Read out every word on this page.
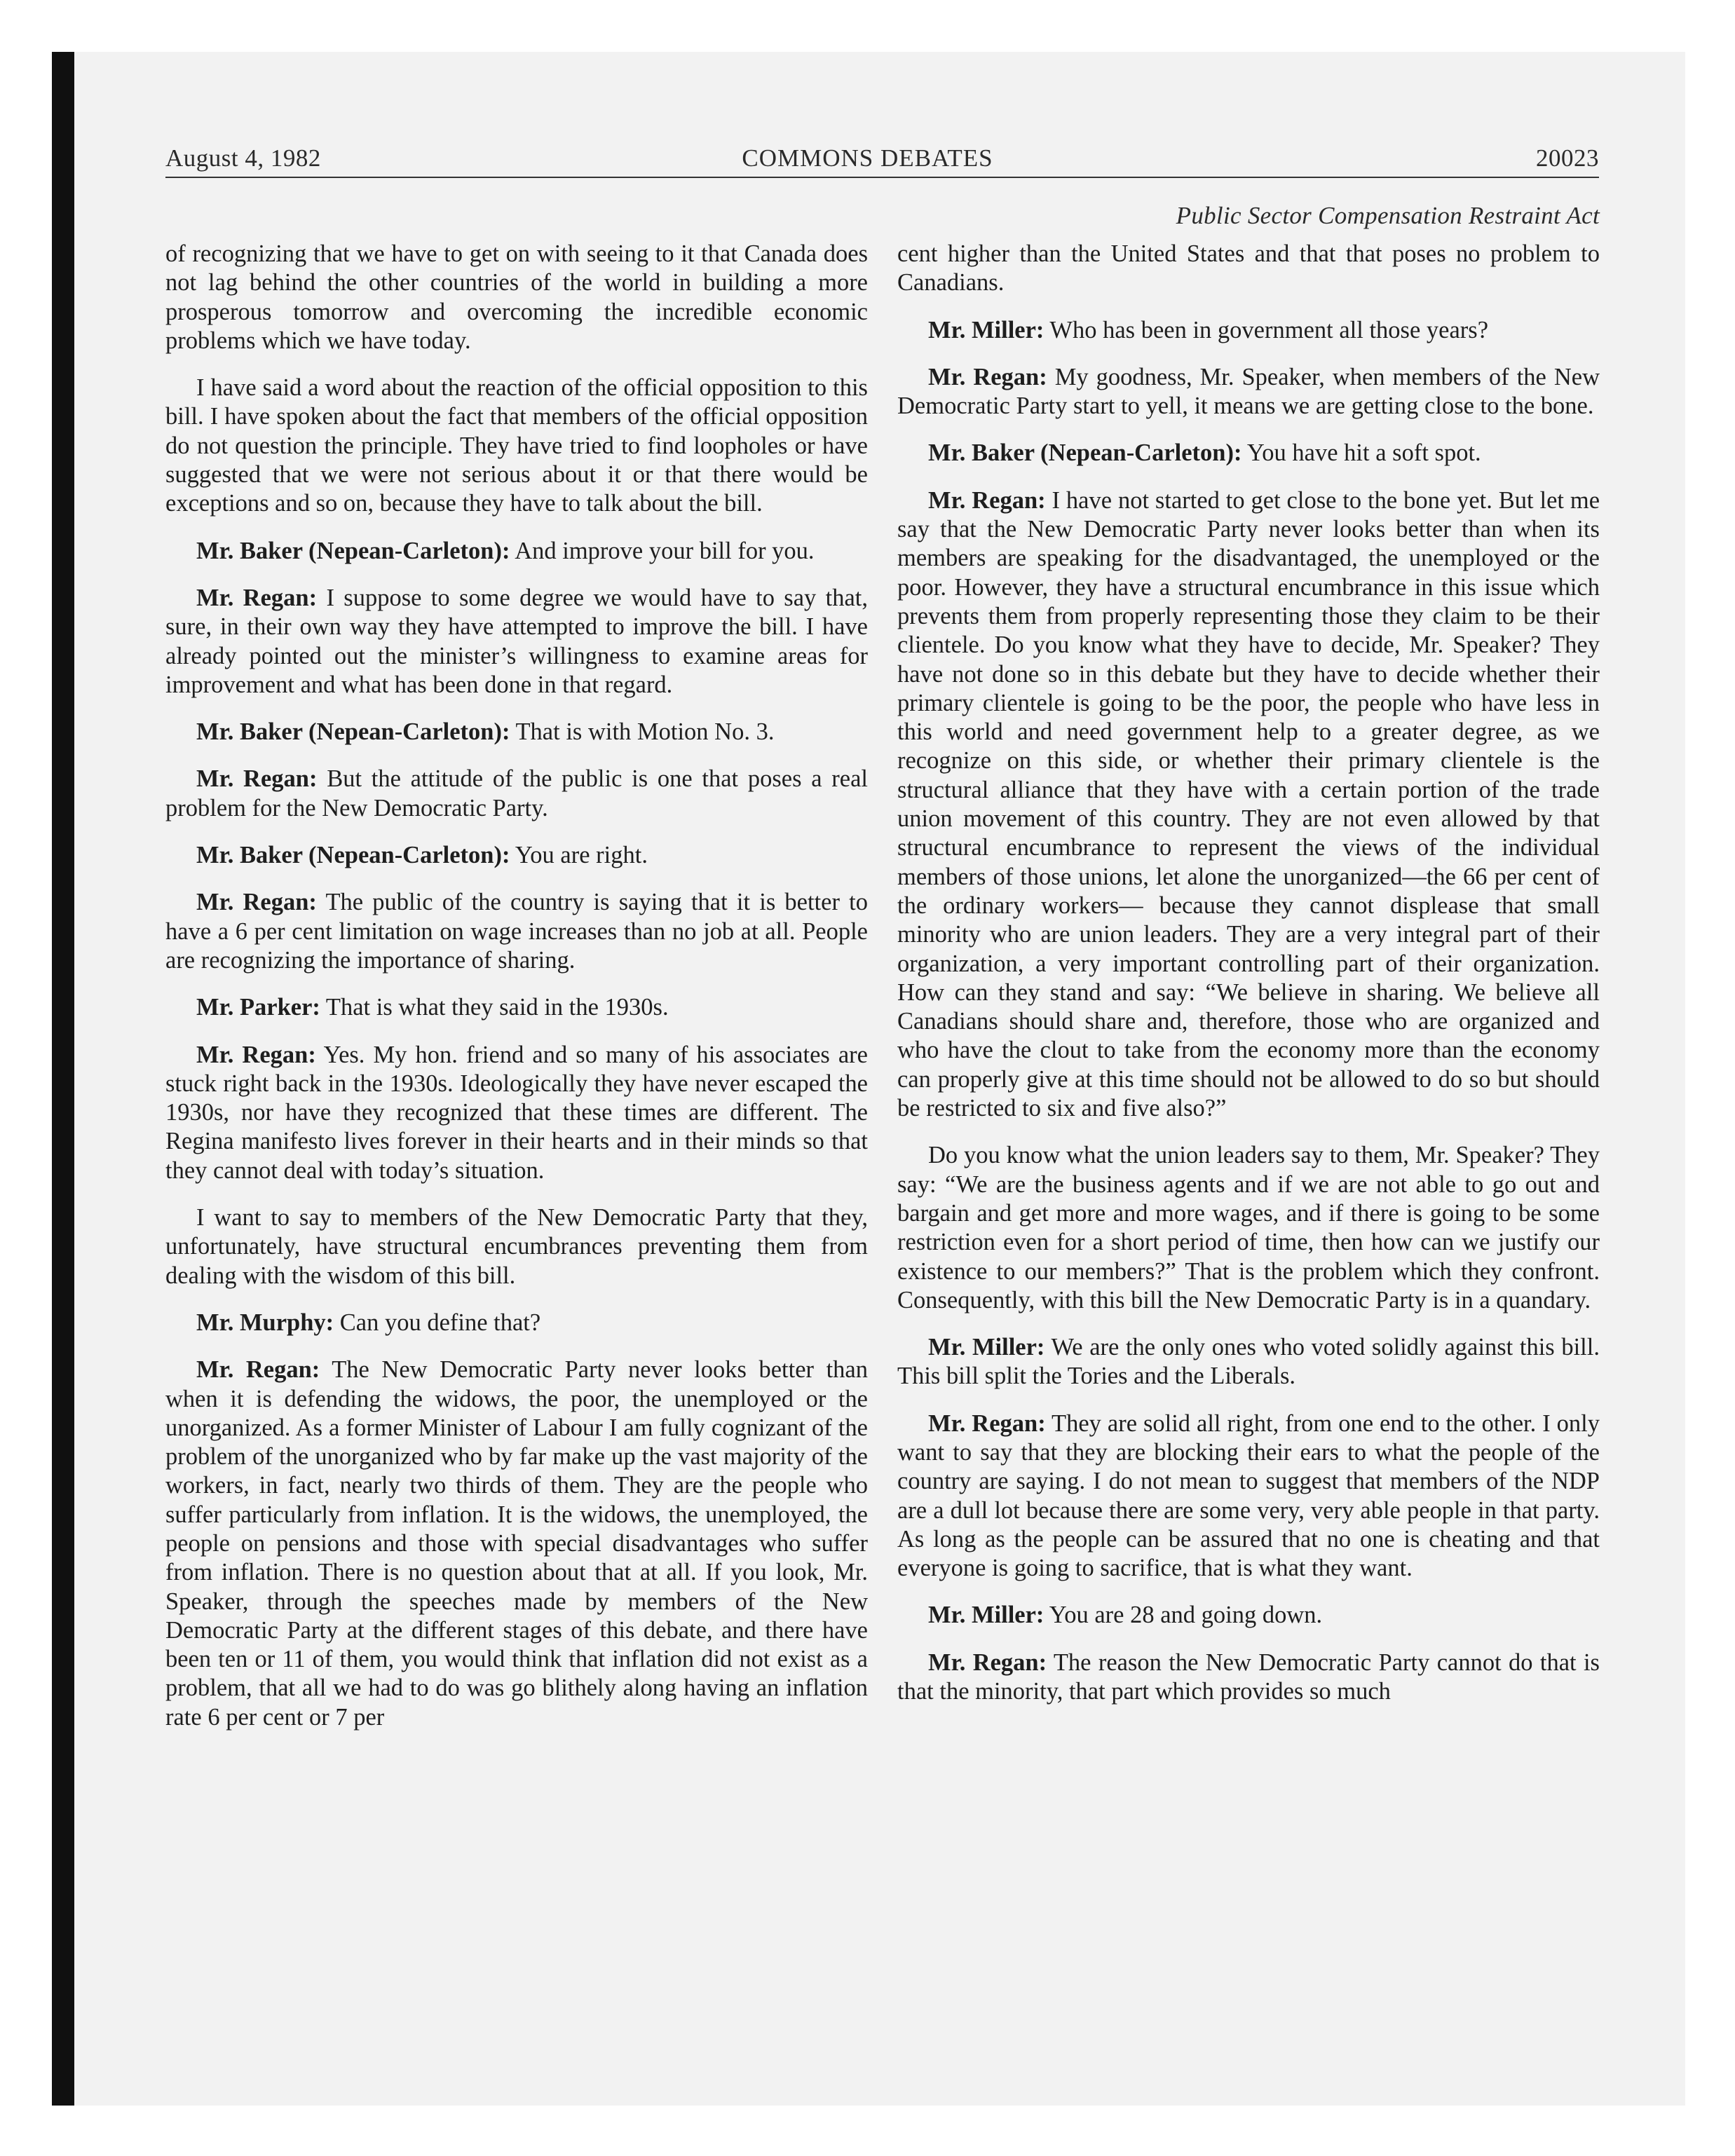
August 4, 1982	COMMONS DEBATES	20023
Public Sector Compensation Restraint Act

of recognizing that we have to get on with seeing to it that Canada does not lag behind the other countries of the world in building a more prosperous tomorrow and overcoming the incredible economic problems which we have today.

I have said a word about the reaction of the official opposition to this bill. I have spoken about the fact that members of the official opposition do not question the principle. They have tried to find loopholes or have suggested that we were not serious about it or that there would be exceptions and so on, because they have to talk about the bill.

Mr. Baker (Nepean-Carleton): And improve your bill for you.

Mr. Regan: I suppose to some degree we would have to say that, sure, in their own way they have attempted to improve the bill. I have already pointed out the minister’s willingness to examine areas for improvement and what has been done in that regard.

Mr. Baker (Nepean-Carleton): That is with Motion No. 3.

Mr. Regan: But the attitude of the public is one that poses a real problem for the New Democratic Party.

Mr. Baker (Nepean-Carleton): You are right.

Mr. Regan: The public of the country is saying that it is better to have a 6 per cent limitation on wage increases than no job at all. People are recognizing the importance of sharing.

Mr. Parker: That is what they said in the 1930s.

Mr. Regan: Yes. My hon. friend and so many of his associates are stuck right back in the 1930s. Ideologically they have never escaped the 1930s, nor have they recognized that these times are different. The Regina manifesto lives forever in their hearts and in their minds so that they cannot deal with today’s situation.

I want to say to members of the New Democratic Party that they, unfortunately, have structural encumbrances preventing them from dealing with the wisdom of this bill.

Mr. Murphy: Can you define that?

Mr. Regan: The New Democratic Party never looks better than when it is defending the widows, the poor, the unemployed or the unorganized. As a former Minister of Labour I am fully cognizant of the problem of the unorganized who by far make up the vast majority of the workers, in fact, nearly two thirds of them. They are the people who suffer particularly from inflation. It is the widows, the unemployed, the people on pensions and those with special disadvantages who suffer from inflation. There is no question about that at all. If you look, Mr. Speaker, through the speeches made by members of the New Democratic Party at the different stages of this debate, and there have been ten or 11 of them, you would think that inflation did not exist as a problem, that all we had to do was go blithely along having an inflation rate 6 per cent or 7 per

cent higher than the United States and that that poses no problem to Canadians.

Mr. Miller: Who has been in government all those years?

Mr. Regan: My goodness, Mr. Speaker, when members of the New Democratic Party start to yell, it means we are getting close to the bone.

Mr. Baker (Nepean-Carleton): You have hit a soft spot.

Mr. Regan: I have not started to get close to the bone yet. But let me say that the New Democratic Party never looks better than when its members are speaking for the disadvantaged, the unemployed or the poor. However, they have a structural encumbrance in this issue which prevents them from properly representing those they claim to be their clientele. Do you know what they have to decide, Mr. Speaker? They have not done so in this debate but they have to decide whether their primary clientele is going to be the poor, the people who have less in this world and need government help to a greater degree, as we recognize on this side, or whether their primary clientele is the structural alliance that they have with a certain portion of the trade union movement of this country. They are not even allowed by that structural encumbrance to represent the views of the individual members of those unions, let alone the unorganized—the 66 per cent of the ordinary workers— because they cannot displease that small minority who are union leaders. They are a very integral part of their organization, a very important controlling part of their organization. How can they stand and say: “We believe in sharing. We believe all Canadians should share and, therefore, those who are organized and who have the clout to take from the economy more than the economy can properly give at this time should not be allowed to do so but should be restricted to six and five also?”

Do you know what the union leaders say to them, Mr. Speaker? They say: “We are the business agents and if we are not able to go out and bargain and get more and more wages, and if there is going to be some restriction even for a short period of time, then how can we justify our existence to our members?” That is the problem which they confront. Consequently, with this bill the New Democratic Party is in a quandary.

Mr. Miller: We are the only ones who voted solidly against this bill. This bill split the Tories and the Liberals.

Mr. Regan: They are solid all right, from one end to the other. I only want to say that they are blocking their ears to what the people of the country are saying. I do not mean to suggest that members of the NDP are a dull lot because there are some very, very able people in that party. As long as the people can be assured that no one is cheating and that everyone is going to sacrifice, that is what they want.

Mr. Miller: You are 28 and going down.

Mr. Regan: The reason the New Democratic Party cannot do that is that the minority, that part which provides so much
